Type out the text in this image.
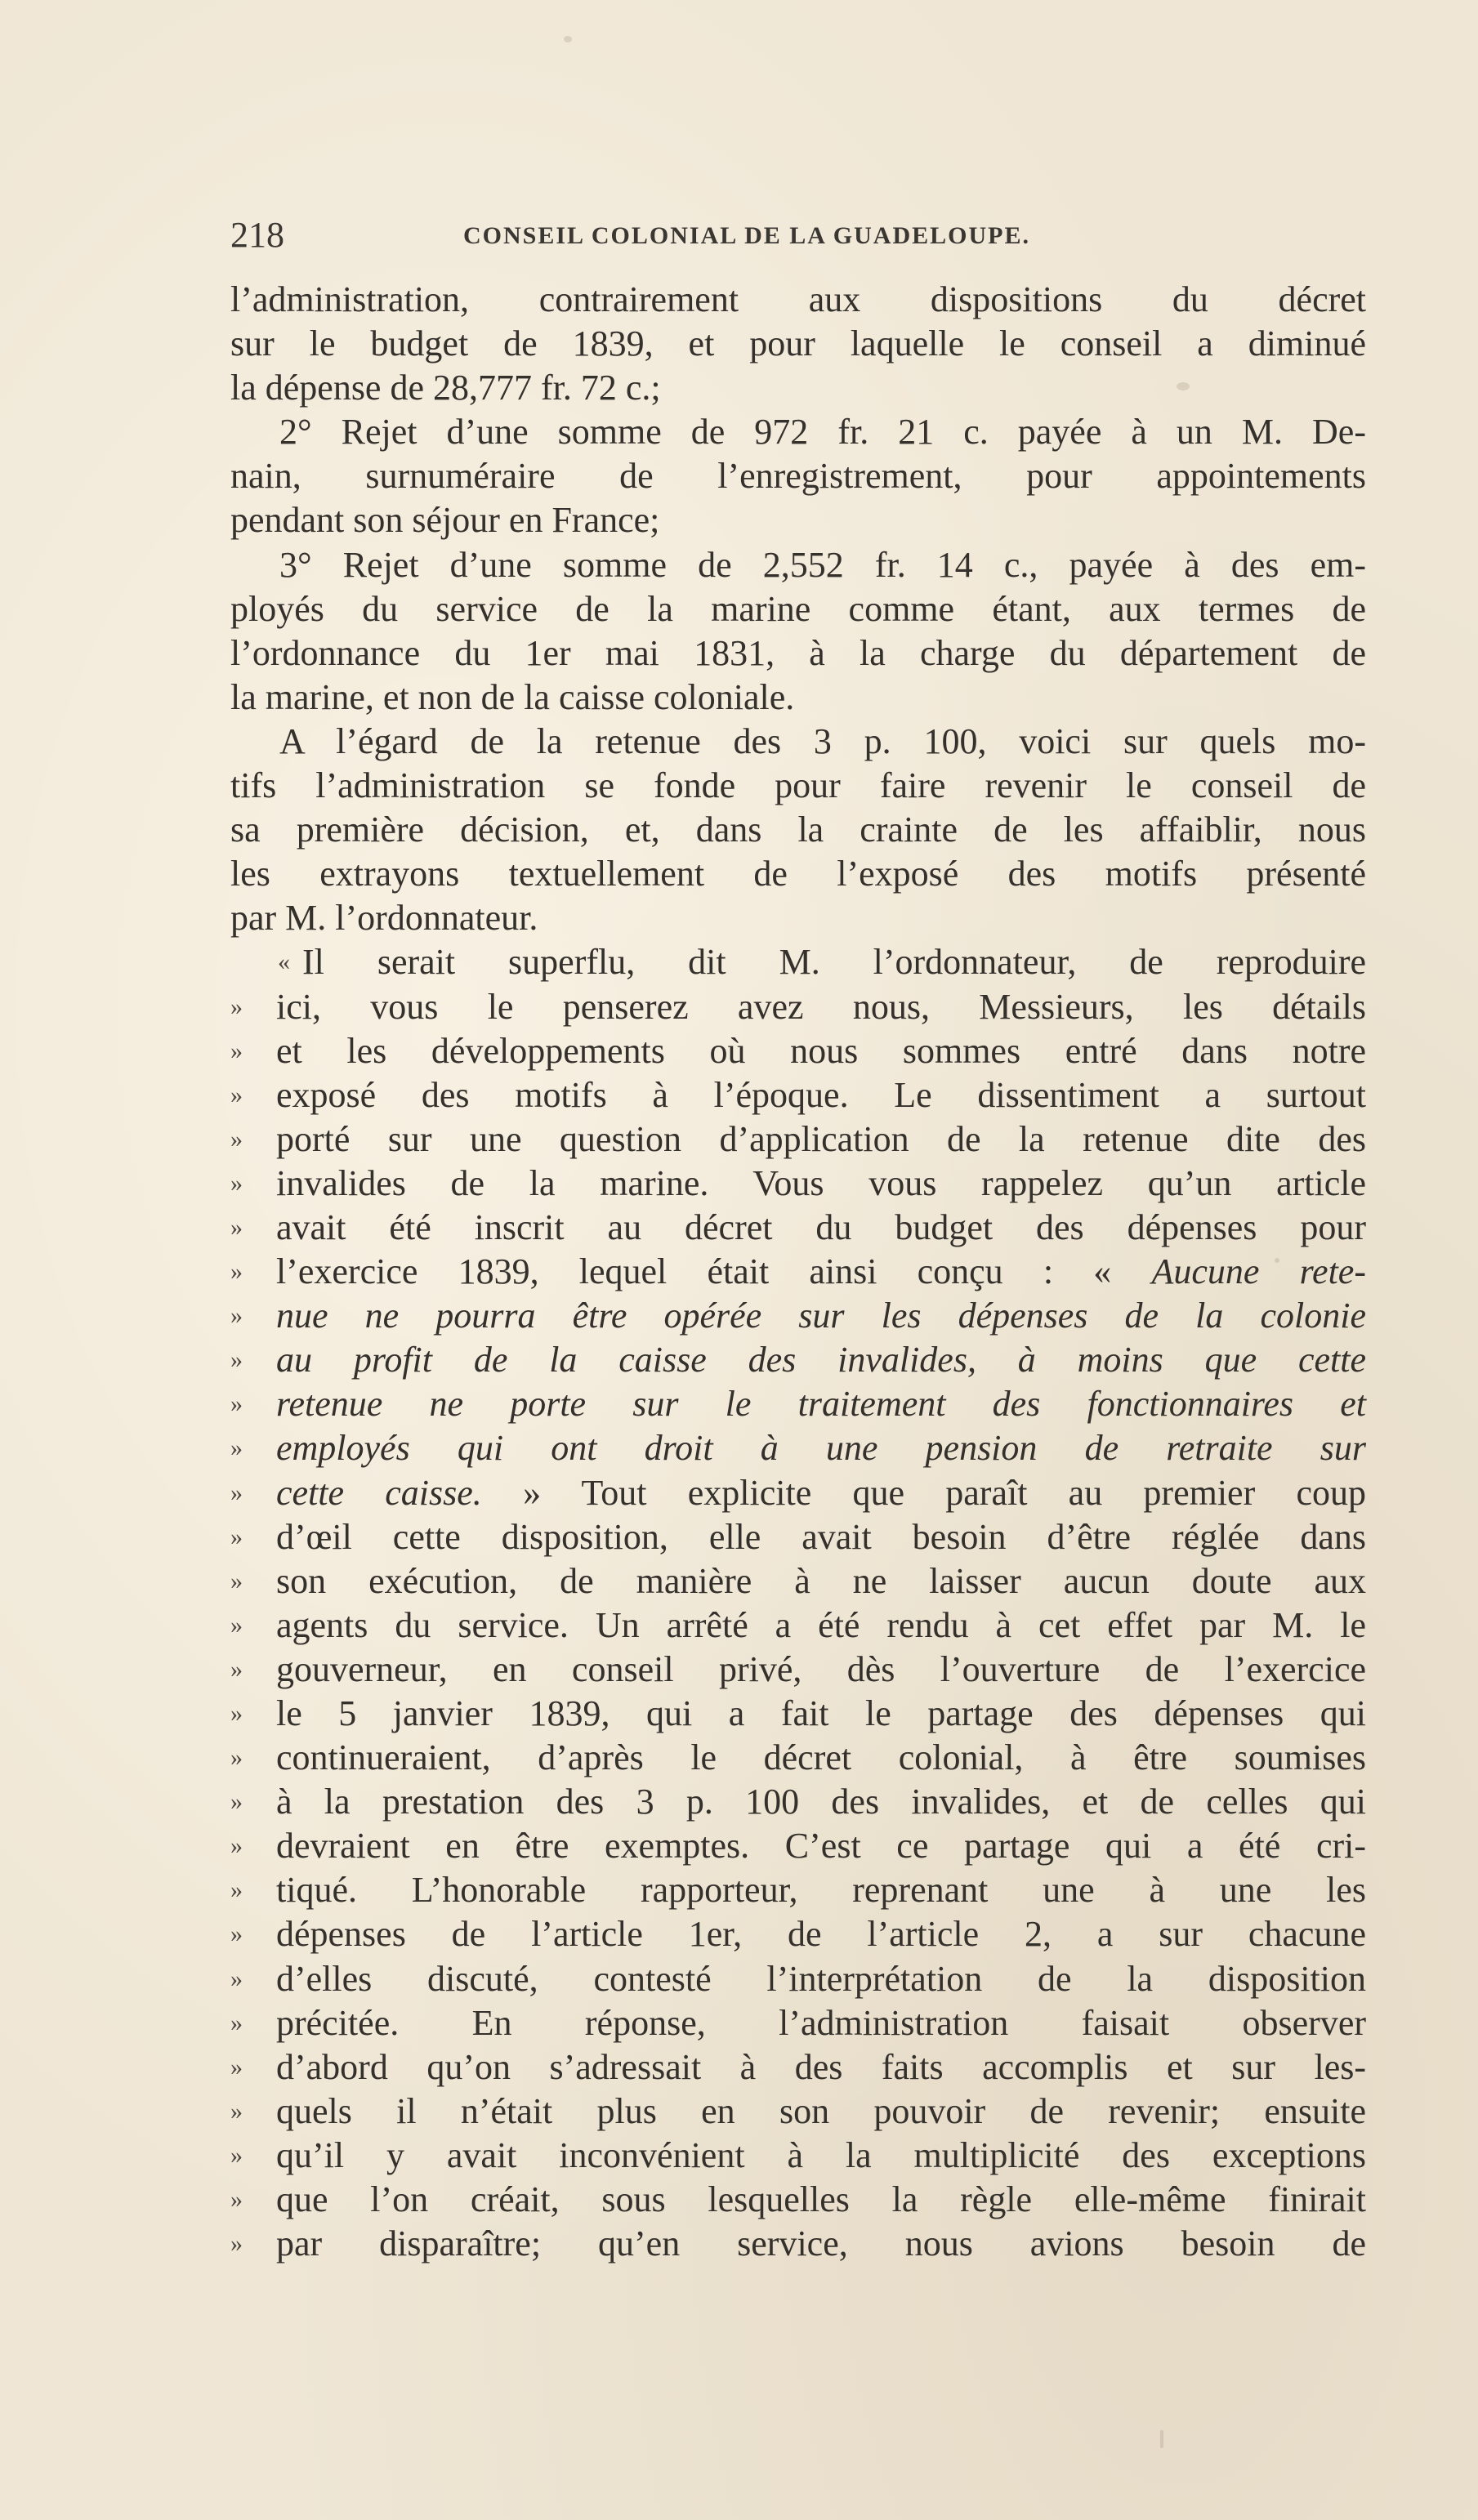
218	CONSEIL COLONIAL DE LA GUADELOUPE.
l’administration, contrairement aux dispositions du décret
sur le budget de 1839, et pour laquelle le conseil a diminué
la dépense de 28,777 fr. 72 c.;
2° Rejet d’une somme de 972 fr. 21 c. payée à un M. De-
nain, surnuméraire de l’enregistrement, pour appointements
pendant son séjour en France;
3° Rejet d’une somme de 2,552 fr. 14 c., payée à des em-
ployés du service de la marine comme étant, aux termes de
l’ordonnance du 1er mai 1831, à la charge du département de
la marine, et non de la caisse coloniale.
A l’égard de la retenue des 3 p. 100, voici sur quels mo-
tifs l’administration se fonde pour faire revenir le conseil de
sa première décision, et, dans la crainte de les affaiblir, nous
les extrayons textuellement de l’exposé des motifs présenté
par M. l’ordonnateur.
« Il serait superflu, dit M. l’ordonnateur, de reproduire
» ici, vous le penserez avez nous, Messieurs, les détails
» et les développements où nous sommes entré dans notre
» exposé des motifs à l’époque. Le dissentiment a surtout
» porté sur une question d’application de la retenue dite des
» invalides de la marine. Vous vous rappelez qu’un article
» avait été inscrit au décret du budget des dépenses pour
» l’exercice 1839, lequel était ainsi conçu : « Aucune rete-
» nue ne pourra être opérée sur les dépenses de la colonie
» au profit de la caisse des invalides, à moins que cette
» retenue ne porte sur le traitement des fonctionnaires et
» employés qui ont droit à une pension de retraite sur
» cette caisse. » Tout explicite que paraît au premier coup
» d’œil cette disposition, elle avait besoin d’être réglée dans
» son exécution, de manière à ne laisser aucun doute aux
» agents du service. Un arrêté a été rendu à cet effet par M. le
» gouverneur, en conseil privé, dès l’ouverture de l’exercice
» le 5 janvier 1839, qui a fait le partage des dépenses qui
» continueraient, d’après le décret colonial, à être soumises
» à la prestation des 3 p. 100 des invalides, et de celles qui
» devraient en être exemptes. C’est ce partage qui a été cri-
» tiqué. L’honorable rapporteur, reprenant une à une les
» dépenses de l’article 1er, de l’article 2, a sur chacune
» d’elles discuté, contesté l’interprétation de la disposition
» précitée. En réponse, l’administration faisait observer
» d’abord qu’on s’adressait à des faits accomplis et sur les-
» quels il n’était plus en son pouvoir de revenir; ensuite
» qu’il y avait inconvénient à la multiplicité des exceptions
» que l’on créait, sous lesquelles la règle elle-même finirait
» par disparaître; qu’en service, nous avions besoin de
